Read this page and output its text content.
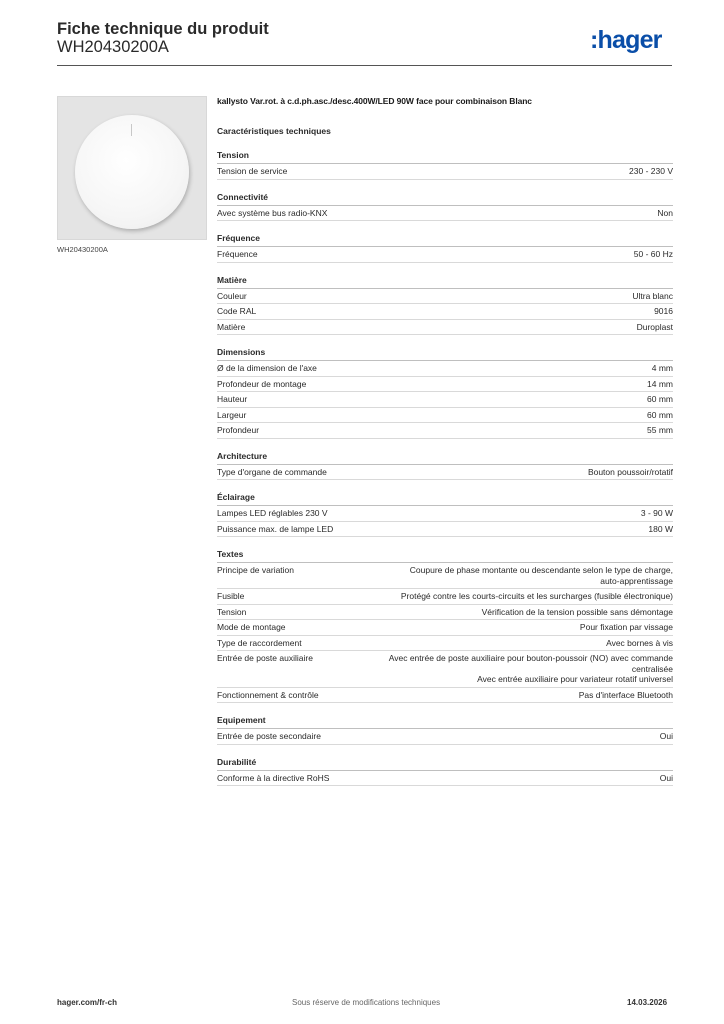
Fiche technique du produit
WH20430200A	:hager
WH20430200A
kallysto Var.rot. à c.d.ph.asc./desc.400W/LED 90W face pour combinaison Blanc
Caractéristiques techniques
Tension
Tension de service	230 - 230 V
Connectivité
Avec système bus radio-KNX	Non
Fréquence
Fréquence	50 - 60 Hz
Matière
Couleur	Ultra blanc
Code RAL	9016
Matière	Duroplast
Dimensions
Ø de la dimension de l'axe	4 mm
Profondeur de montage	14 mm
Hauteur	60 mm
Largeur	60 mm
Profondeur	55 mm
Architecture
Type d'organe de commande	Bouton poussoir/rotatif
Éclairage
Lampes LED réglables 230 V	3 - 90 W
Puissance max. de lampe LED	180 W
Textes
Principe de variation	Coupure de phase montante ou descendante selon le type de charge,
auto-apprentissage
Fusible	Protégé contre les courts-circuits et les surcharges (fusible électronique)
Tension	Vérification de la tension possible sans démontage
Mode de montage	Pour fixation par vissage
Type de raccordement	Avec bornes à vis
Entrée de poste auxiliaire	Avec entrée de poste auxiliaire pour bouton-poussoir (NO) avec commande
centralisée
Avec entrée auxiliaire pour variateur rotatif universel
Fonctionnement & contrôle	Pas d'interface Bluetooth
Equipement
Entrée de poste secondaire	Oui
Durabilité
Conforme à la directive RoHS	Oui
hager.com/fr-ch	Sous réserve de modifications techniques	14.03.2026
